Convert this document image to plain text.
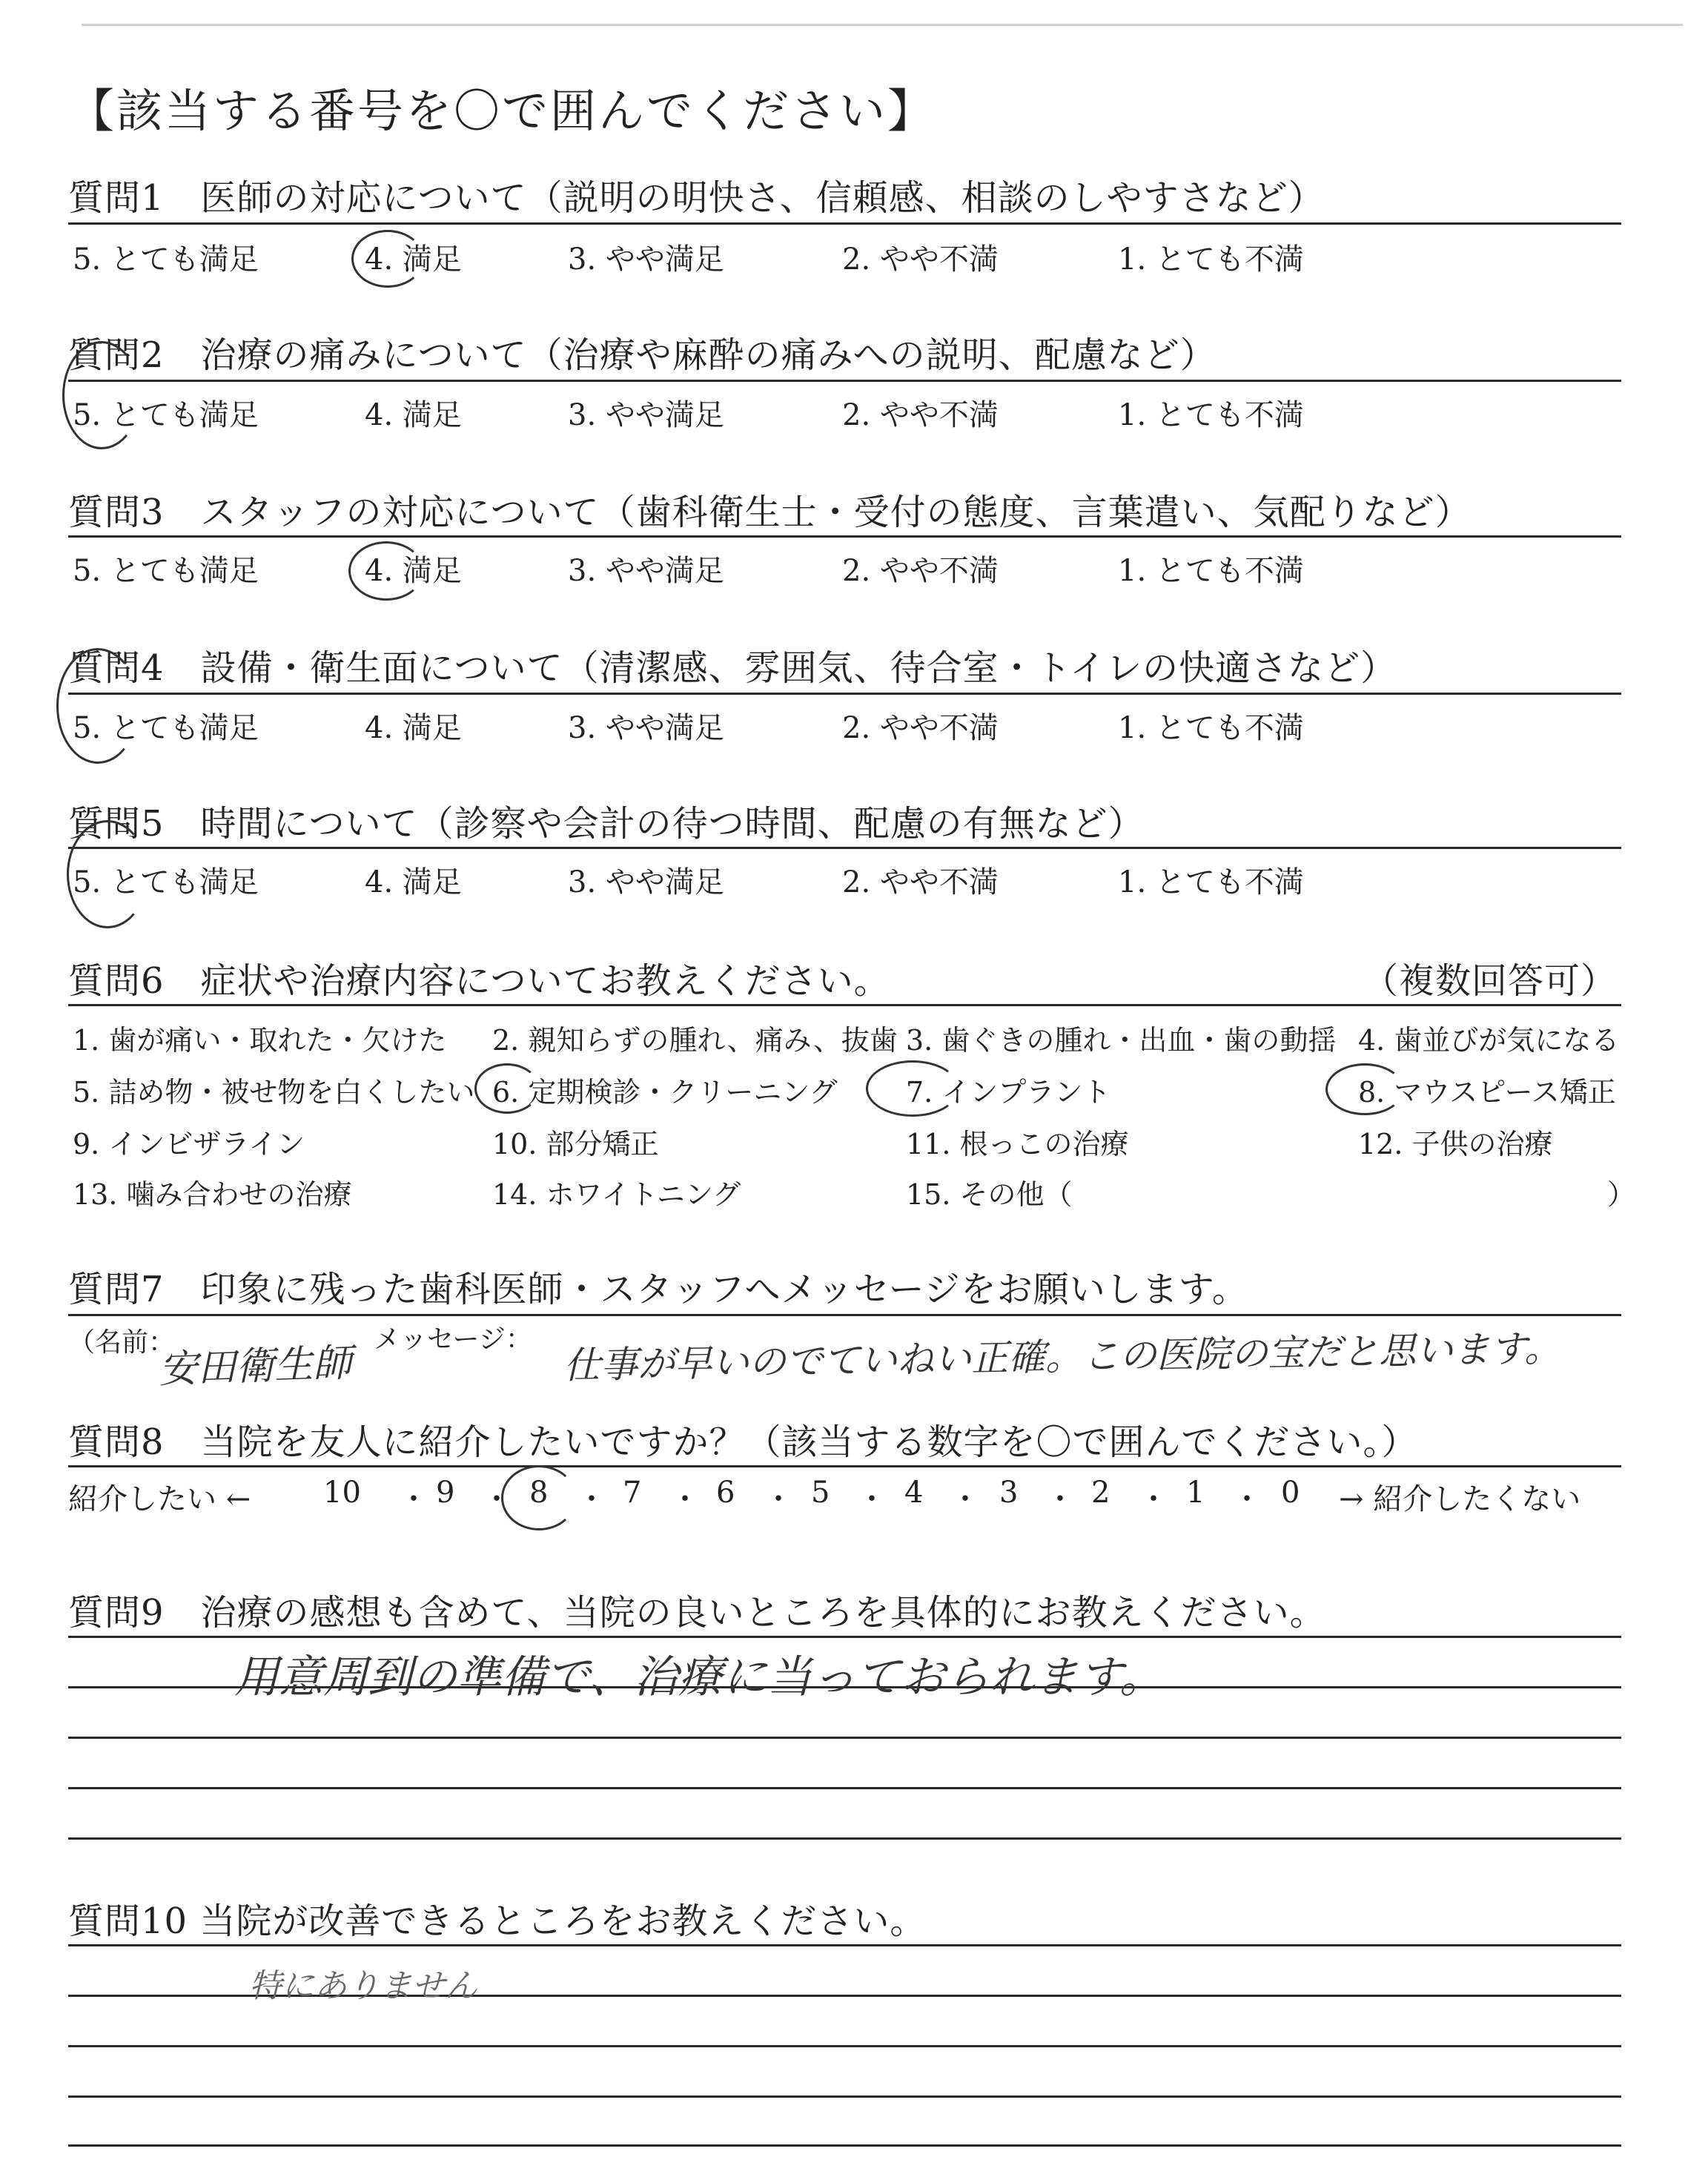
【該当する番号を〇で囲んでください】
質問1　医師の対応について（説明の明快さ、信頼感、相談のしやすさなど）
5. とても満足	4. 満足	3. やや満足	2. やや不満	1. とても不満
質問2　治療の痛みについて（治療や麻酔の痛みへの説明、配慮など）
5. とても満足	4. 満足	3. やや満足	2. やや不満	1. とても不満
質問3　スタッフの対応について（歯科衛生士・受付の態度、言葉遣い、気配りなど）
5. とても満足	4. 満足	3. やや満足	2. やや不満	1. とても不満
質問4　設備・衛生面について（清潔感、雰囲気、待合室・トイレの快適さなど）
5. とても満足	4. 満足	3. やや満足	2. やや不満	1. とても不満
質問5　時間について（診察や会計の待つ時間、配慮の有無など）
5. とても満足	4. 満足	3. やや満足	2. やや不満	1. とても不満
質問6　症状や治療内容についてお教えください。	（複数回答可）
1. 歯が痛い・取れた・欠けた 2. 親知らずの腫れ、痛み、抜歯 3. 歯ぐきの腫れ・出血・歯の動揺 4. 歯並びが気になる
5. 詰め物・被せ物を白くしたい 6. 定期検診・クリーニング 7. インプラント	8. マウスピース矯正
9. インビザライン	10. 部分矯正	11. 根っこの治療	12. 子供の治療
13. 噛み合わせの治療	14. ホワイトニング	15. その他（	）
質問7　印象に残った歯科医師・スタッフへメッセージをお願いします。
（名前：	メッセージ：
安田衛生師	仕事が早いのでていねい正確。この医院の宝だと思います。
質問8　当院を友人に紹介したいですか？（該当する数字を〇で囲んでください。）
紹介したい ← 10 ・ 9 ・ 8 ・ 7 ・ 6 ・ 5 ・ 4 ・ 3 ・ 2 ・ 1 ・ 0 → 紹介したくない
質問9　治療の感想も含めて、当院の良いところを具体的にお教えください。
用意周到の準備で、治療に当っておられます。
質問10 当院が改善できるところをお教えください。
特にありません
